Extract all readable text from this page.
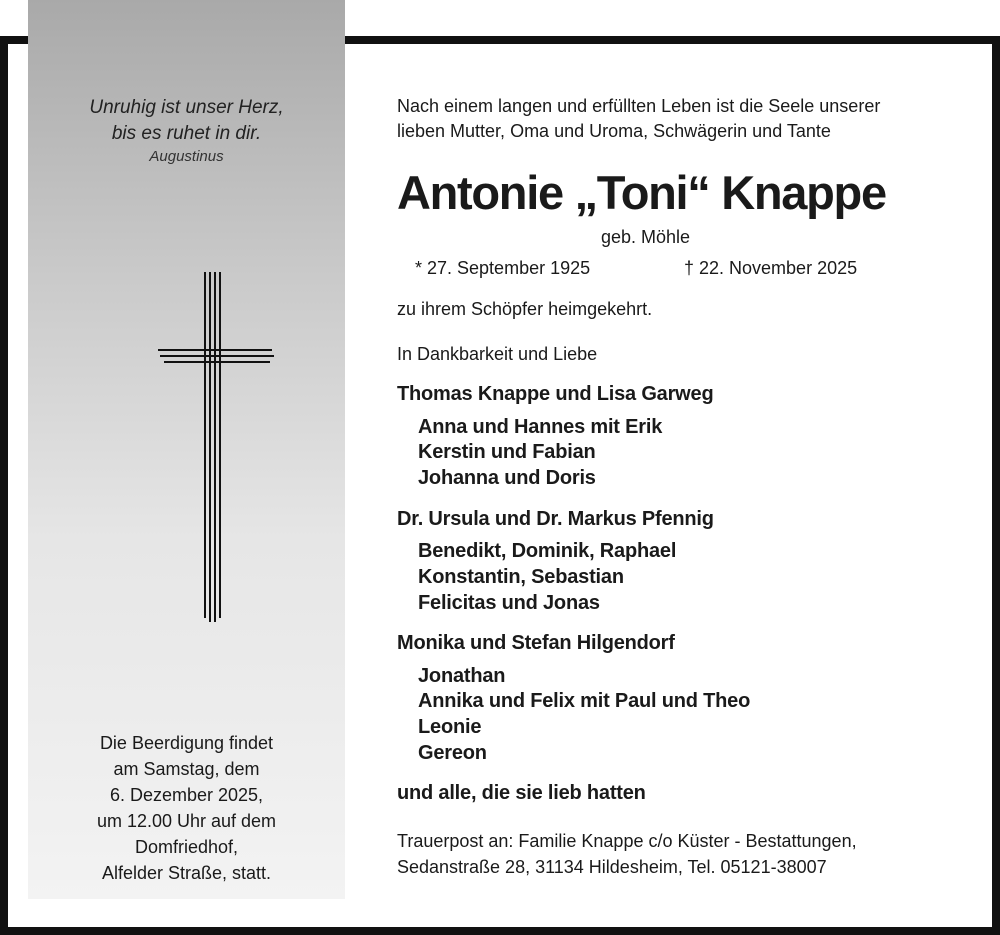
Unruhig ist unser Herz,
bis es ruhet in dir.
Augustinus
Die Beerdigung findet
am Samstag, dem
6. Dezember 2025,
um 12.00 Uhr auf dem
Domfriedhof,
Alfelder Straße, statt.
Nach einem langen und erfüllten Leben ist die Seele unserer
lieben Mutter, Oma und Uroma, Schwägerin und Tante
Antonie „Toni“ Knappe
geb. Möhle
* 27. September 1925	† 22. November 2025
zu ihrem Schöpfer heimgekehrt.
In Dankbarkeit und Liebe
Thomas Knappe und Lisa Garweg
Anna und Hannes mit Erik
Kerstin und Fabian
Johanna und Doris
Dr. Ursula und Dr. Markus Pfennig
Benedikt, Dominik, Raphael
Konstantin, Sebastian
Felicitas und Jonas
Monika und Stefan Hilgendorf
Jonathan
Annika und Felix mit Paul und Theo
Leonie
Gereon
und alle, die sie lieb hatten
Trauerpost an: Familie Knappe c/o Küster - Bestattungen,
Sedanstraße 28, 31134 Hildesheim, Tel. 05121-38007
